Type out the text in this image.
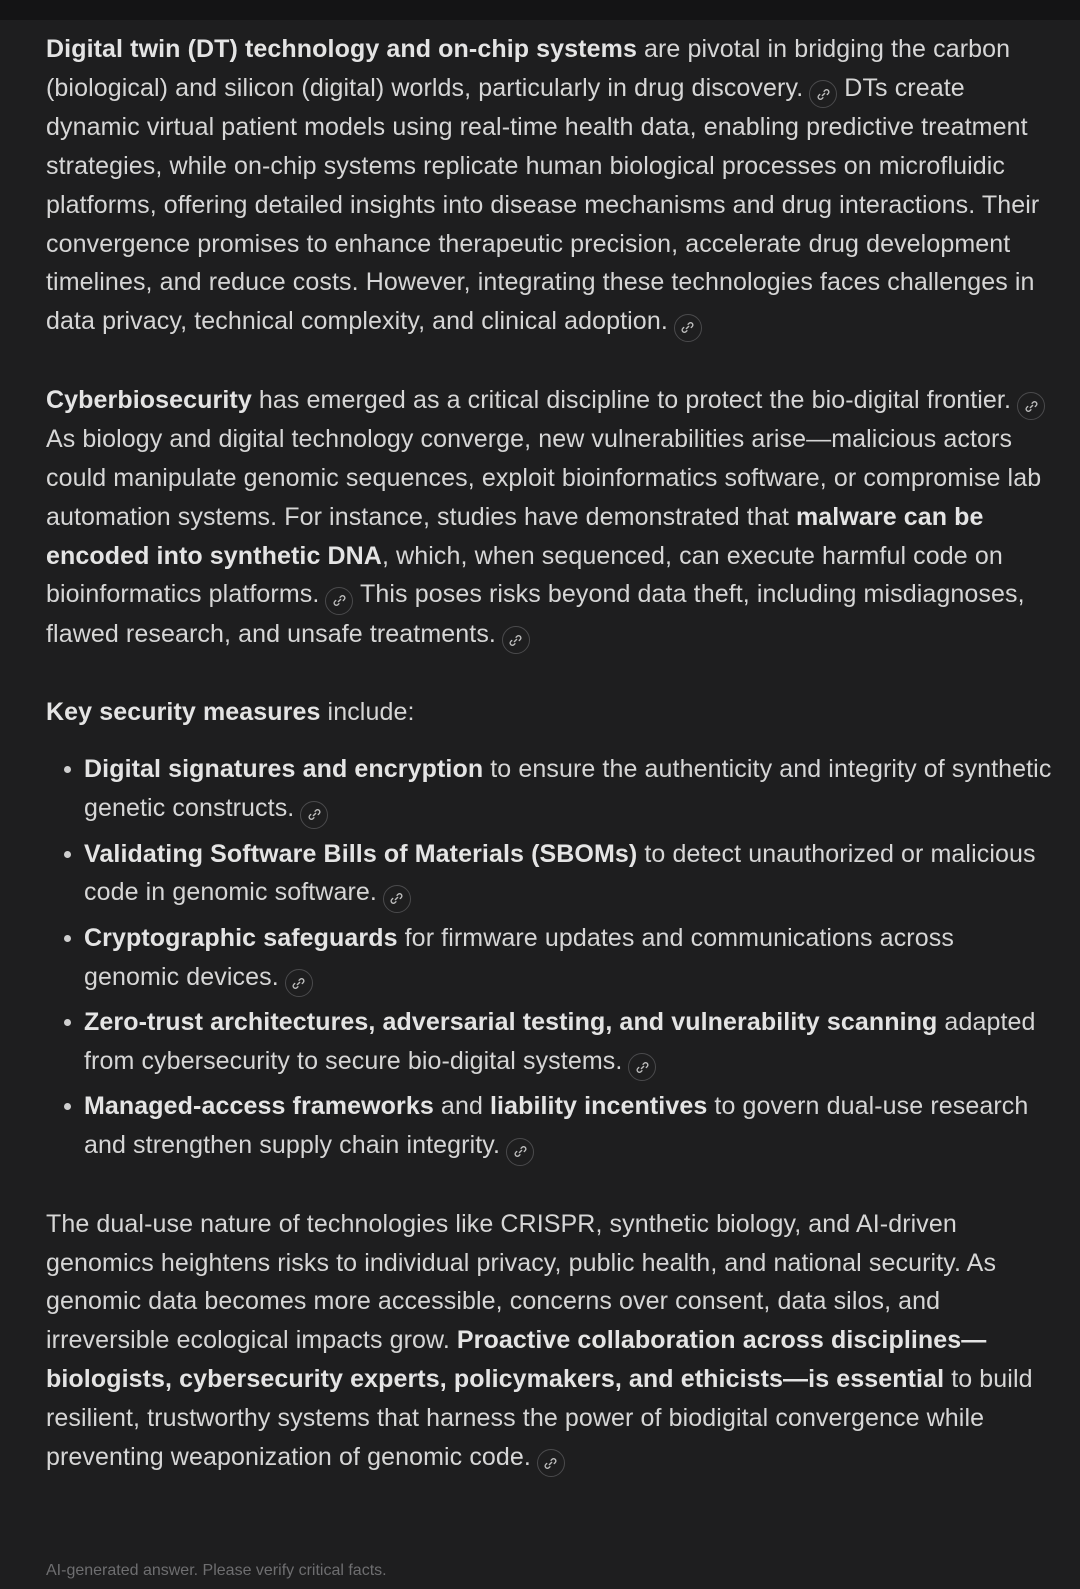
Digital twin (DT) technology and on-chip systems are pivotal in bridging the carbon (biological) and silicon (digital) worlds, particularly in drug discovery.
DTs create dynamic virtual patient models using real-time health data, enabling predictive treatment strategies, while on-chip systems replicate human biological processes on microfluidic platforms, offering detailed insights into disease mechanisms and drug interactions. Their convergence promises to enhance therapeutic precision, accelerate drug development timelines, and reduce costs. However, integrating these technologies faces challenges in data privacy, technical complexity, and clinical adoption.

Cyberbiosecurity has emerged as a critical discipline to protect the bio-digital frontier.
As biology and digital technology converge, new vulnerabilities arise—malicious actors could manipulate genomic sequences, exploit bioinformatics software, or compromise lab automation systems. For instance, studies have demonstrated that malware can be encoded into synthetic DNA, which, when sequenced, can execute harmful code on bioinformatics platforms.
This poses risks beyond data theft, including misdiagnoses, flawed research, and unsafe treatments.

Key security measures include:

Digital signatures and encryption to ensure the authenticity and integrity of synthetic genetic constructs.
Validating Software Bills of Materials (SBOMs) to detect unauthorized or malicious code in genomic software.
Cryptographic safeguards for firmware updates and communications across genomic devices.
Zero-trust architectures, adversarial testing, and vulnerability scanning adapted from cybersecurity to secure bio-digital systems.
Managed-access frameworks and liability incentives to govern dual-use research and strengthen supply chain integrity.

The dual-use nature of technologies like CRISPR, synthetic biology, and AI-driven genomics heightens risks to individual privacy, public health, and national security. As genomic data becomes more accessible, concerns over consent, data silos, and irreversible ecological impacts grow. Proactive collaboration across disciplines—biologists, cybersecurity experts, policymakers, and ethicists—is essential to build resilient, trustworthy systems that harness the power of biodigital convergence while preventing weaponization of genomic code.

AI-generated answer. Please verify critical facts.
